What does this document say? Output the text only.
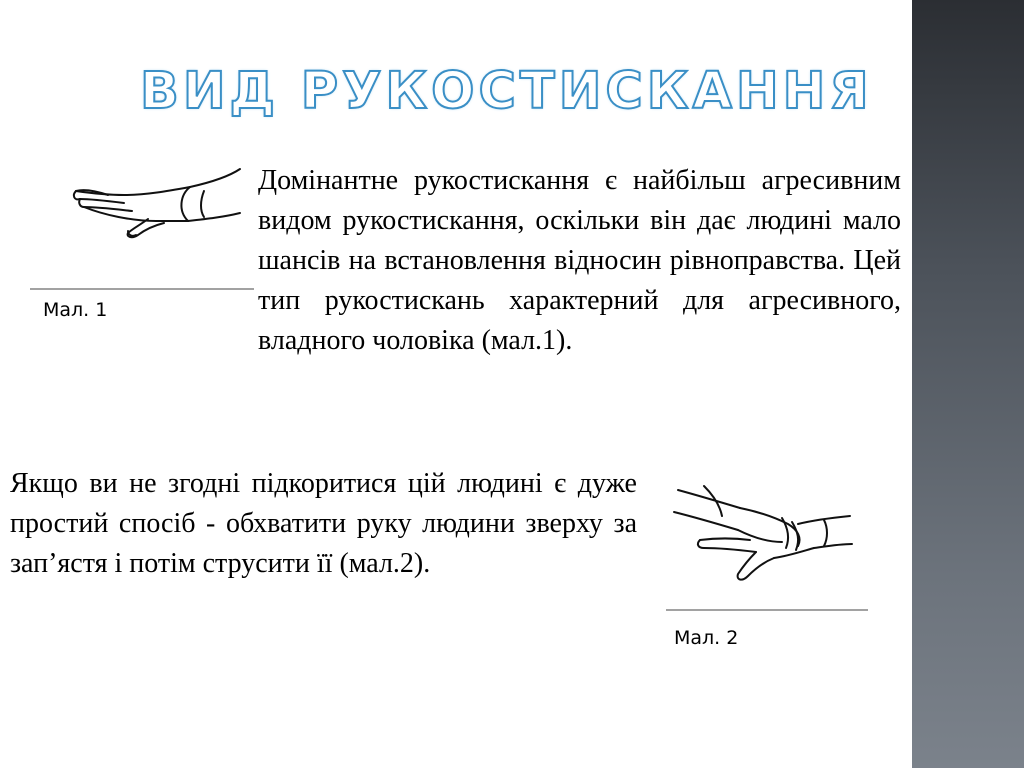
ВИД РУКОСТИСКАННЯ

Мал. 1

Домінантне рукостискання є найбільш агресивним видом рукостискання, оскільки він дає людині мало шансів на встановлення відносин рівноправства. Цей тип рукостискань характерний для агресивного, владного чоловіка (мал.1).

Якщо ви не згодні підкоритися цій людині є дуже простий спосіб - обхватити руку людини зверху за зап’ястя і потім струсити її (мал.2).

Мал. 2
